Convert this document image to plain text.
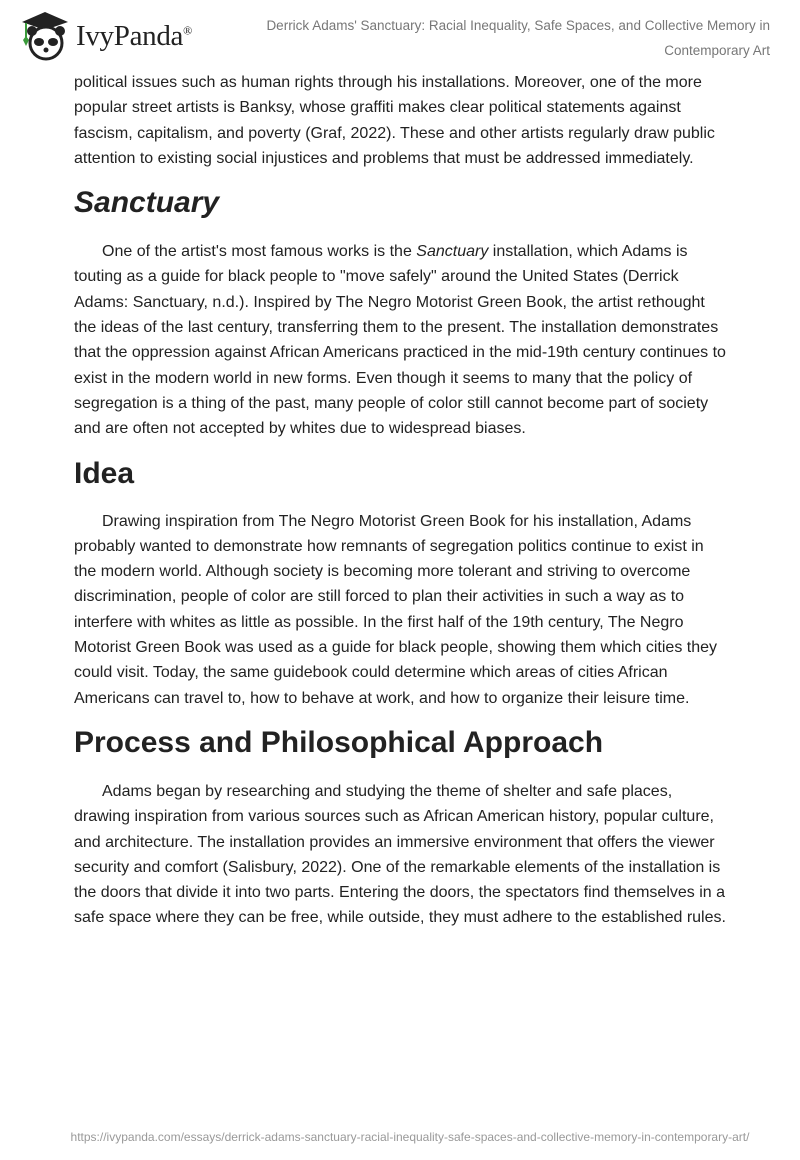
IvyPanda®	Derrick Adams' Sanctuary: Racial Inequality, Safe Spaces, and Collective Memory in Contemporary Art

political issues such as human rights through his installations. Moreover, one of the more popular street artists is Banksy, whose graffiti makes clear political statements against fascism, capitalism, and poverty (Graf, 2022). These and other artists regularly draw public attention to existing social injustices and problems that must be addressed immediately.

Sanctuary

One of the artist's most famous works is the Sanctuary installation, which Adams is touting as a guide for black people to "move safely" around the United States (Derrick Adams: Sanctuary, n.d.). Inspired by The Negro Motorist Green Book, the artist rethought the ideas of the last century, transferring them to the present. The installation demonstrates that the oppression against African Americans practiced in the mid-19th century continues to exist in the modern world in new forms. Even though it seems to many that the policy of segregation is a thing of the past, many people of color still cannot become part of society and are often not accepted by whites due to widespread biases.

Idea

Drawing inspiration from The Negro Motorist Green Book for his installation, Adams probably wanted to demonstrate how remnants of segregation politics continue to exist in the modern world. Although society is becoming more tolerant and striving to overcome discrimination, people of color are still forced to plan their activities in such a way as to interfere with whites as little as possible. In the first half of the 19th century, The Negro Motorist Green Book was used as a guide for black people, showing them which cities they could visit. Today, the same guidebook could determine which areas of cities African Americans can travel to, how to behave at work, and how to organize their leisure time.

Process and Philosophical Approach

Adams began by researching and studying the theme of shelter and safe places, drawing inspiration from various sources such as African American history, popular culture, and architecture. The installation provides an immersive environment that offers the viewer security and comfort (Salisbury, 2022). One of the remarkable elements of the installation is the doors that divide it into two parts. Entering the doors, the spectators find themselves in a safe space where they can be free, while outside, they must adhere to the established rules.

https://ivypanda.com/essays/derrick-adams-sanctuary-racial-inequality-safe-spaces-and-collective-memory-in-contemporary-art/
